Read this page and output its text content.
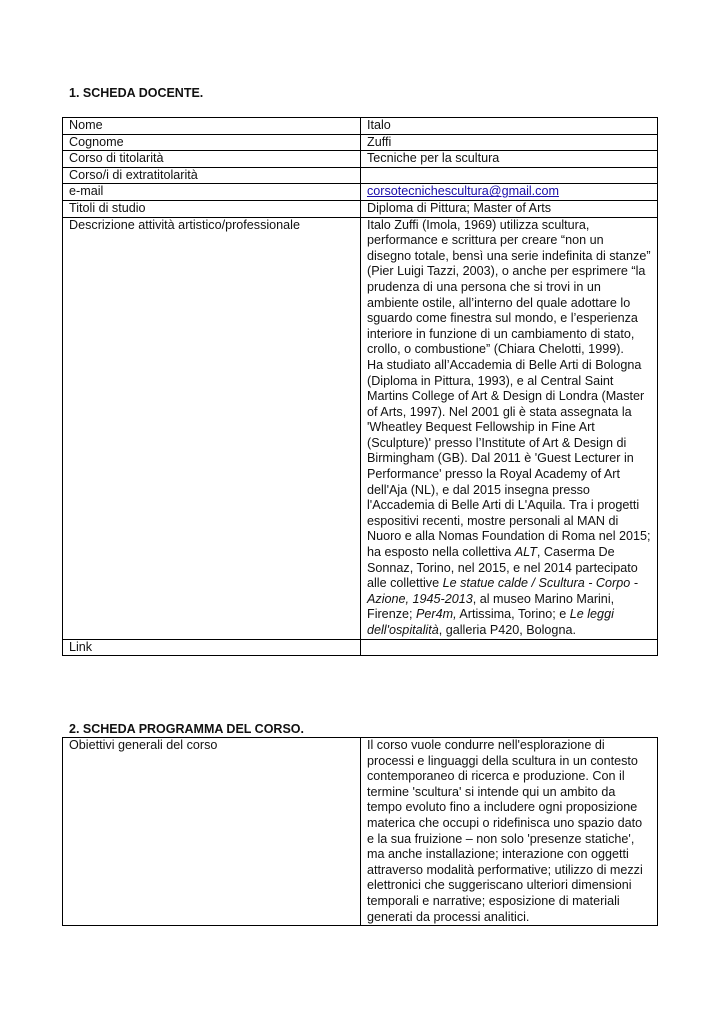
1. SCHEDA DOCENTE.
Nome	Italo
Cognome	Zuffi
Corso di titolarità	Tecniche per la scultura
Corso/i di extratitolarità	
e-mail	corsotecnichescultura@gmail.com
Titoli di studio	Diploma di Pittura; Master of Arts
Descrizione attività artistico/professionale	Italo Zuffi (Imola, 1969) utilizza scultura, performance e scrittura per creare “non un disegno totale, bensì una serie indefinita di stanze” (Pier Luigi Tazzi, 2003), o anche per esprimere “la prudenza di una persona che si trovi in un ambiente ostile, all’interno del quale adottare lo sguardo come finestra sul mondo, e l’esperienza interiore in funzione di un cambiamento di stato, crollo, o combustione” (Chiara Chelotti, 1999).
Ha studiato all’Accademia di Belle Arti di Bologna (Diploma in Pittura, 1993), e al Central Saint Martins College of Art & Design di Londra (Master of Arts, 1997). Nel 2001 gli è stata assegnata la 'Wheatley Bequest Fellowship in Fine Art (Sculpture)' presso l’Institute of Art & Design di Birmingham (GB). Dal 2011 è 'Guest Lecturer in Performance' presso la Royal Academy of Art dell'Aja (NL), e dal 2015 insegna presso l'Accademia di Belle Arti di L'Aquila. Tra i progetti espositivi recenti, mostre personali al MAN di Nuoro e alla Nomas Foundation di Roma nel 2015; ha esposto nella collettiva ALT, Caserma De Sonnaz, Torino, nel 2015, e nel 2014 partecipato alle collettive Le statue calde / Scultura - Corpo - Azione, 1945-2013, al museo Marino Marini, Firenze; Per4m, Artissima, Torino; e Le leggi dell'ospitalità, galleria P420, Bologna.

Link	
2. SCHEDA PROGRAMMA DEL CORSO.
Obiettivi generali del corso	Il corso vuole condurre nell'esplorazione di processi e linguaggi della scultura in un contesto contemporaneo di ricerca e produzione. Con il termine 'scultura' si intende qui un ambito da tempo evoluto fino a includere ogni proposizione materica che occupi o ridefinisca uno spazio dato e la sua fruizione – non solo 'presenze statiche', ma anche installazione; interazione con oggetti attraverso modalità performative; utilizzo di mezzi elettronici che suggeriscano ulteriori dimensioni temporali e narrative; esposizione di materiali generati da processi analitici.
